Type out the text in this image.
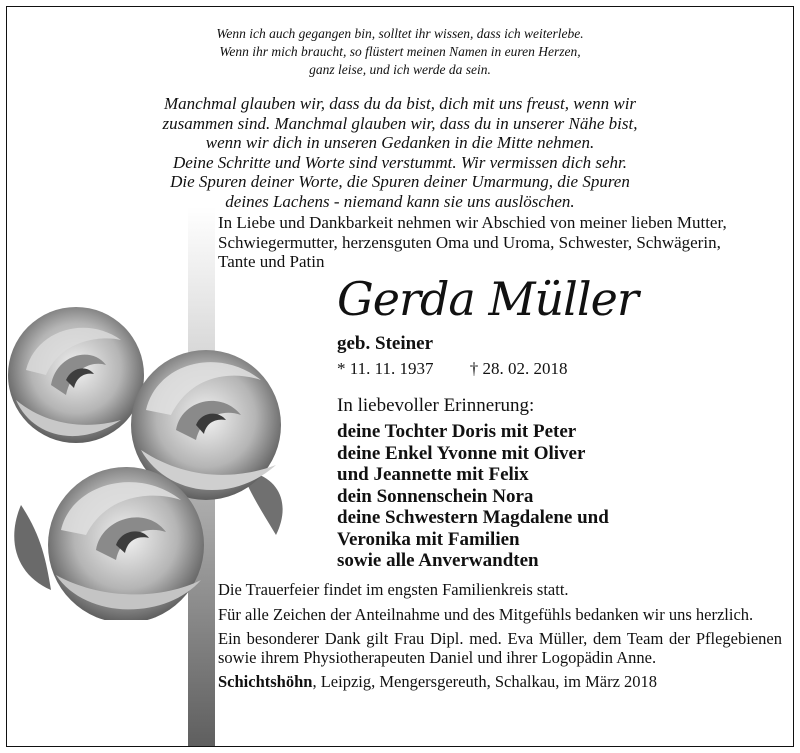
Wenn ich auch gegangen bin, solltet ihr wissen, dass ich weiterlebe.
Wenn ihr mich braucht, so flüstert meinen Namen in euren Herzen,
ganz leise, und ich werde da sein.
Manchmal glauben wir, dass du da bist, dich mit uns freust, wenn wir
zusammen sind. Manchmal glauben wir, dass du in unserer Nähe bist,
wenn wir dich in unseren Gedanken in die Mitte nehmen.
Deine Schritte und Worte sind verstummt. Wir vermissen dich sehr.
Die Spuren deiner Worte, die Spuren deiner Umarmung, die Spuren
deines Lachens - niemand kann sie uns auslöschen.
In Liebe und Dankbarkeit nehmen wir Abschied von meiner lieben Mutter,
Schwiegermutter, herzensguten Oma und Uroma, Schwester, Schwägerin,
Tante und Patin
Gerda Müller
geb. Steiner
* 11. 11. 1937 † 28. 02. 2018
In liebevoller Erinnerung:
deine Tochter Doris mit Peter
deine Enkel Yvonne mit Oliver
und Jeannette mit Felix
dein Sonnenschein Nora
deine Schwestern Magdalene und
Veronika mit Familien
sowie alle Anverwandten

Die Trauerfeier findet im engsten Familienkreis statt.

Für alle Zeichen der Anteilnahme und des Mitgefühls bedanken wir uns herzlich.

Ein besonderer Dank gilt Frau Dipl. med. Eva Müller, dem Team der Pflegebienen sowie ihrem Physiotherapeuten Daniel und ihrer Logopädin Anne.

Schichtshöhn, Leipzig, Mengersgereuth, Schalkau, im März 2018
